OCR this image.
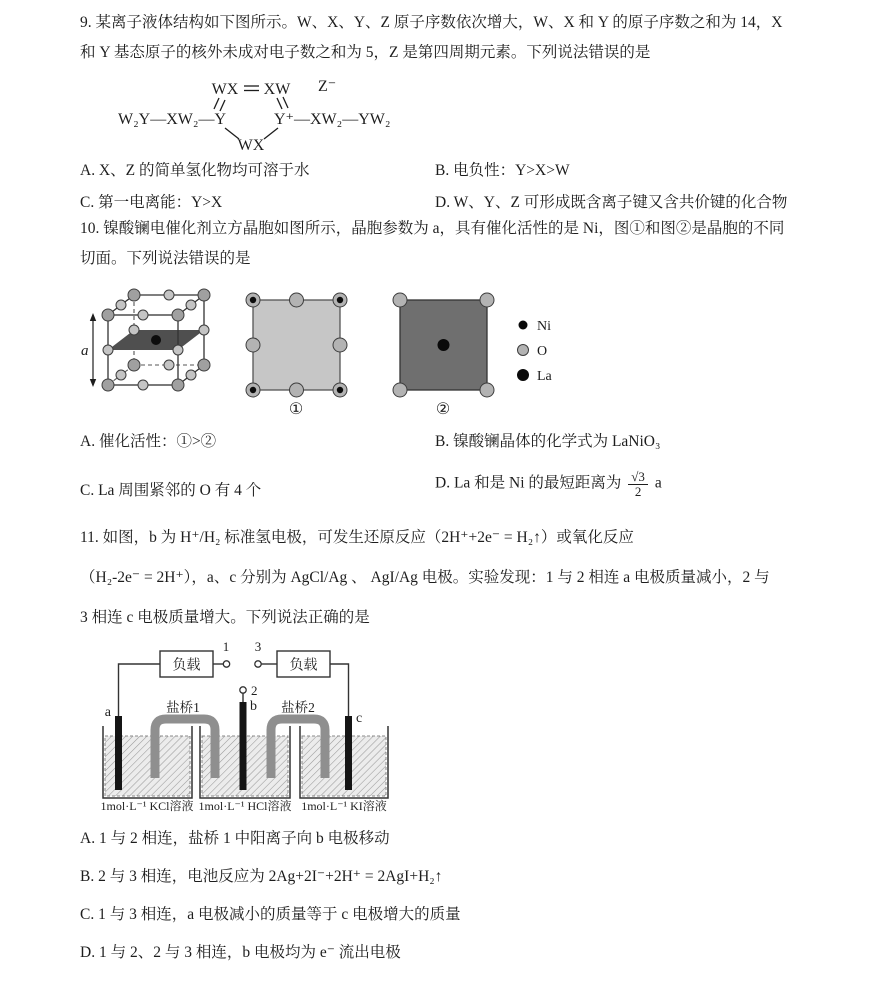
9. 某离子液体结构如下图所示。W、X、Y、Z 原子序数依次增大，W、X 和 Y 的原子序数之和为 14，X
和 Y 基态原子的核外未成对电子数之和为 5，Z 是第四周期元素。下列说法错误的是
WX XW Z⁻
W₂Y—XW₂—Y	Y⁺—XW₂—YW₂
WX
A. X、Z 的简单氢化物均可溶于水	B. 电负性：Y>X>W
C. 第一电离能：Y>X	D. W、Y、Z 可形成既含离子键又含共价键的化合物
10. 镍酸镧电催化剂立方晶胞如图所示，晶胞参数为 a，具有催化活性的是 Ni，图①和图②是晶胞的不同
切面。下列说法错误的是
a
①	②
Ni
O
La
A. 催化活性：①>②	B. 镍酸镧晶体的化学式为 LaNiO₃
C. La 周围紧邻的 O 有 4 个	D. La 和是 Ni 的最短距离为 $\frac{√3}{2}$ a
11. 如图，b 为 H⁺/H₂ 标准氢电极，可发生还原反应（2H⁺+2e⁻ = H₂↑）或氧化反应
（H₂-2e⁻ = 2H⁺），a、c 分别为 AgCl/Ag 、 AgI/Ag 电极。实验发现：1 与 2 相连 a 电极质量减小，2 与
3 相连 c 电极质量增大。下列说法正确的是
负载	负载
1 3
2
盐桥1	盐桥2
a	b
c
1mol·L⁻¹ KCl溶液 1mol·L⁻¹ HCl溶液 1mol·L⁻¹ KI溶液
A. 1 与 2 相连，盐桥 1 中阳离子向 b 电极移动
B. 2 与 3 相连，电池反应为 2Ag+2I⁻+2H⁺ = 2AgI+H₂↑
C. 1 与 3 相连，a 电极减小的质量等于 c 电极增大的质量
D. 1 与 2、2 与 3 相连，b 电极均为 e⁻ 流出电极
